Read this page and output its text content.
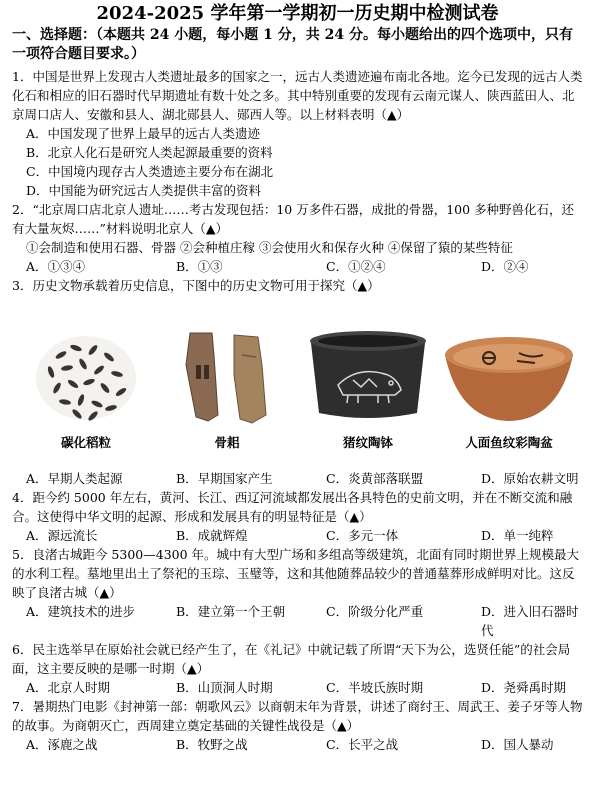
2024-2025 学年第一学期初一历史期中检测试卷
一、选择题：（本题共 24 小题，每小题 1 分，共 24 分。每小题给出的四个选项中，只有一项符合题目要求。）
1．中国是世界上发现古人类遗址最多的国家之一，远古人类遗迹遍布南北各地。迄今已发现的远古人类化石和相应的旧石器时代早期遗址有数十处之多。其中特别重要的发现有云南元谋人、陕西蓝田人、北京周口店人、安徽和县人、湖北郧县人、郧西人等。以上材料表明（▲）
A．中国发现了世界上最早的远古人类遗迹
B．北京人化石是研究人类起源最重要的资料
C．中国境内现存古人类遗迹主要分布在湖北
D．中国能为研究远古人类提供丰富的资料
2．“北京周口店北京人遗址……考古发现包括：10 万多件石器，成批的骨器，100 多种野兽化石，还有大量灰烬……”材料说明北京人（▲）
①会制造和使用石器、骨器 ②会种植庄稼 ③会使用火和保存火种 ④保留了猿的某些特征
A．①③④	B．①③	C．①②④	D．②④
3．历史文物承载着历史信息，下图中的历史文物可用于探究（▲）
碳化稻粒	骨耜	猪纹陶钵	人面鱼纹彩陶盆
A．早期人类起源	B．早期国家产生	C．炎黄部落联盟	D．原始农耕文明
4．距今约 5000 年左右，黄河、长江、西辽河流域都发展出各具特色的史前文明，并在不断交流和融合。这使得中华文明的起源、形成和发展具有的明显特征是（▲）
A．源远流长	B．成就辉煌	C．多元一体	D．单一纯粹
5．良渚古城距今 5300—4300 年。城中有大型广场和多组高等级建筑，北面有同时期世界上规模最大的水利工程。墓地里出土了祭祀的玉琮、玉璧等，这和其他随葬品较少的普通墓葬形成鲜明对比。这反映了良渚古城（▲）
A．建筑技术的进步	B．建立第一个王朝	C．阶级分化严重	D．进入旧石器时代
6．民主选举早在原始社会就已经产生了，在《礼记》中就记载了所谓“天下为公，选贤任能”的社会局面，这主要反映的是哪一时期（▲）
A．北京人时期	B．山顶洞人时期	C．半坡氏族时期	D．尧舜禹时期
7．暑期热门电影《封神第一部：朝歌风云》以商朝末年为背景，讲述了商纣王、周武王、姜子牙等人物的故事。为商朝灭亡，西周建立奠定基础的关键性战役是（▲）
A．涿鹿之战	B．牧野之战	C．长平之战	D．国人暴动
